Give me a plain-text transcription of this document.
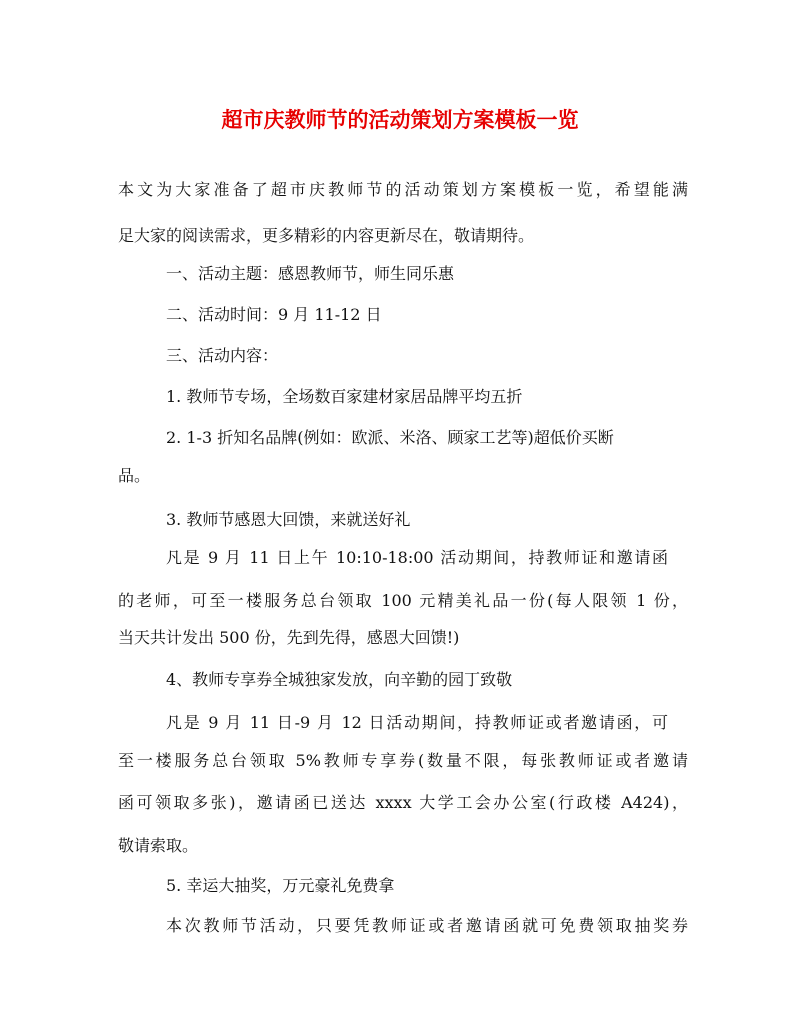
超市庆教师节的活动策划方案模板一览

本文为大家准备了超市庆教师节的活动策划方案模板一览，希望能满

足大家的阅读需求，更多精彩的内容更新尽在，敬请期待。

一、活动主题：感恩教师节，师生同乐惠

二、活动时间：9 月 11-12 日

三、活动内容：

1. 教师节专场，全场数百家建材家居品牌平均五折

2. 1-3 折知名品牌(例如：欧派、米洛、顾家工艺等)超低价买断

品。

3. 教师节感恩大回馈，来就送好礼

凡是 9 月 11 日上午 10:10-18:00 活动期间，持教师证和邀请函

的老师，可至一楼服务总台领取 100 元精美礼品一份(每人限领 1 份，

当天共计发出 500 份，先到先得，感恩大回馈!)

4、教师专享券全城独家发放，向辛勤的园丁致敬

凡是 9 月 11 日-9 月 12 日活动期间，持教师证或者邀请函，可

至一楼服务总台领取 5%教师专享券(数量不限，每张教师证或者邀请

函可领取多张)，邀请函已送达 xxxx 大学工会办公室(行政楼 A424)，

敬请索取。

5. 幸运大抽奖，万元豪礼免费拿

本次教师节活动，只要凭教师证或者邀请函就可免费领取抽奖券
